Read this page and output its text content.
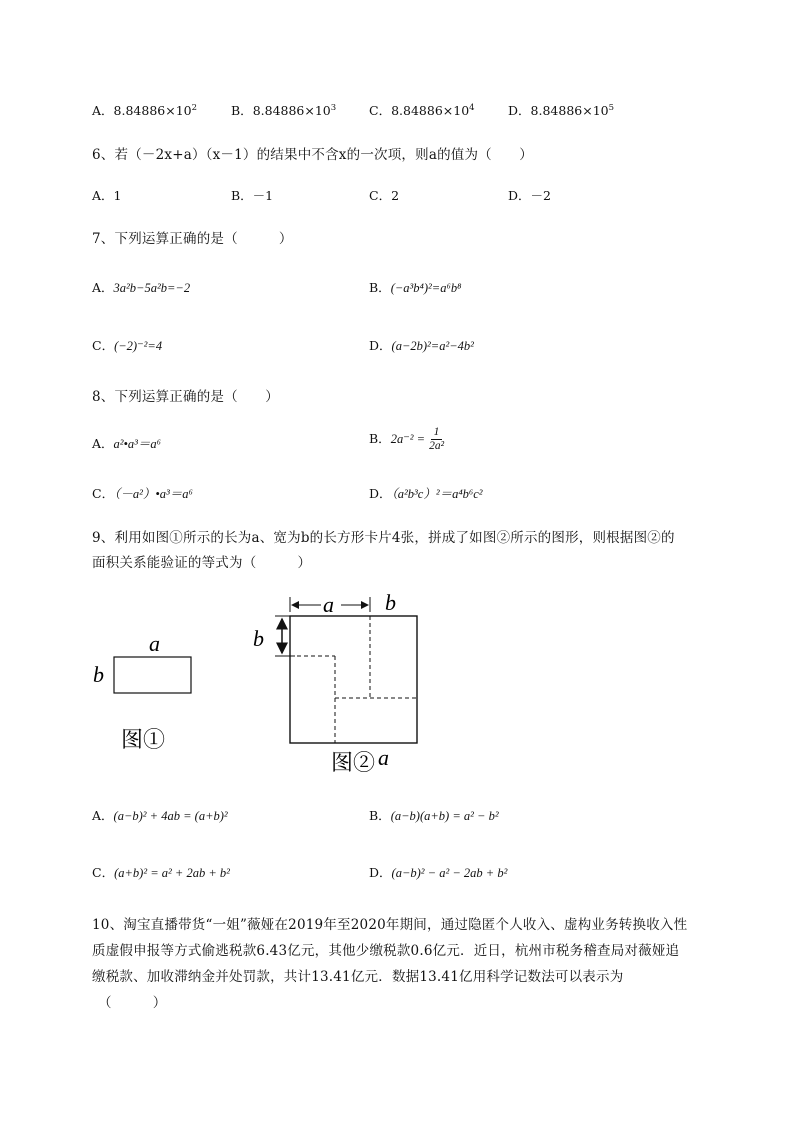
A．$8.84886\times 10^2$	B．$8.84886\times 10^3$	C．$8.84886\times 10^4$	D．$8.84886\times 10^5$
6、若（－2x+a）（x－1）的结果中不含x的一次项，则a的值为（　　）
A．1	B．－1	C．2	D．－2
7、下列运算正确的是（　　　）
A．3a²b−5a²b=−2	B．(−a³b⁴)²=a⁶b⁸
C．(−2)⁻²=4	D．(a−2b)²=a²−4b²
8、下列运算正确的是（　　）
A．a²•a³＝a⁶	B．$2a^{-2} = \frac{1}{\text{2a²}}$
C．（－a²）•a³＝a⁶	D．（a²b³c）²＝a⁴b⁶c²
9、利用如图①所示的长为a、宽为b的长方形卡片4张，拼成了如图②所示的图形，则根据图②的
面积关系能验证的等式为（　　　）
a
b
图①
a b
b
图② a
A．(a−b)² + 4ab = (a+b)²	B．(a−b)(a+b) = a² − b²
C．(a+b)² = a² + 2ab + b²	D．(a−b)² − a² − 2ab + b²
10、淘宝直播带货“一姐”薇娅在2019年至2020年期间，通过隐匿个人收入、虚构业务转换收入性
质虚假申报等方式偷逃税款6.43亿元，其他少缴税款0.6亿元．近日，杭州市税务稽查局对薇娅追
缴税款、加收滞纳金并处罚款，共计13.41亿元．数据13.41亿用科学记数法可以表示为
（　　　）
